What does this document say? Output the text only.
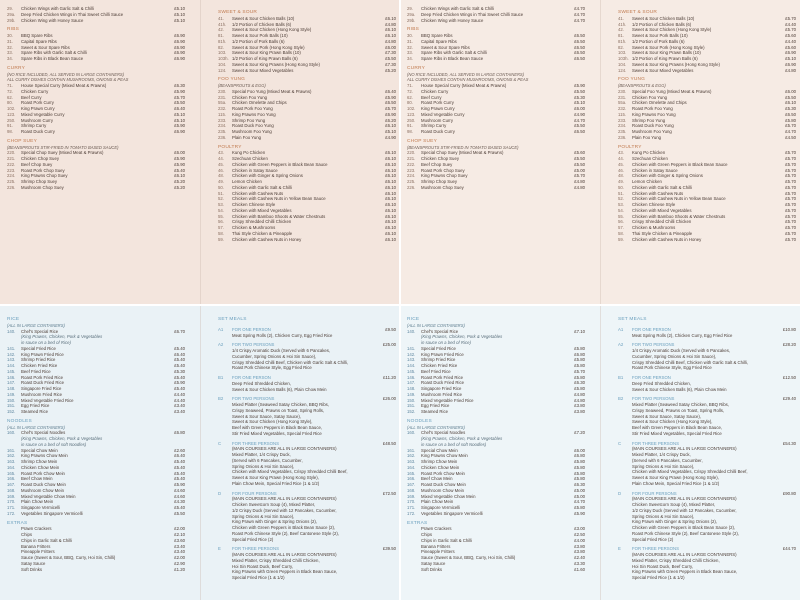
29.	Chicken Wings with Garlic Salt & Chilli	£5.10
29a.	Deep Fried Chicken Wings in Thai Sweet Chilli Sauce	£5.10
29b.	Chicken Wing with Honey Sauce	£5.10
RIBS
30.	BBQ Spare Ribs	£6.90
31.	Capital Spare Ribs	£6.90
32.	Sweet & Sour Spare Ribs	£6.90
33.	Spare Ribs with Garlic Salt & Chilli	£6.90
34.	Spare Ribs in Black Bean Sauce	£6.90
CURRY
(NO RICE INCLUDED, ALL SERVED IN LARGE CONTAINERS)
ALL CURRY DISHES CONTAIN MUSHROOMS, ONIONS & PEAS
71.	House Special Curry (Mixed Meat & Prawns)	£6.30
72.	Chicken Curry	£5.90
62.	Beef Curry	£5.70
80.	Roast Pork Curry	£5.50
102.	King Prawn Curry	£6.40
123.	Mixed Vegetable Curry	£5.10
250.	Mushroom Curry	£5.10
91.	Shrimp Curry	£5.90
98.	Roast Duck Curry	£6.90
CHOP SUEY
(BEANSPROUTS STIR-FRIED IN TOMATO BASED SAUCE)
220.	Special Chop Suey (Mixed Meat & Prawns)	£6.00
221.	Chicken Chop Suey	£5.90
222.	Beef Chop Suey	£5.90
223.	Roast Pork Chop Suey	£5.40
224.	King Prawns Chop Suey	£6.10
225.	Shrimp Chop Suey	£5.20
226.	Mushroom Chop Suey	£5.20
SWEET & SOUR
41.	Sweet & Sour Chicken Balls (10)	£6.10
41h.	1/2 Portion of Chicken Balls (6)	£4.80
42.	Sweet & Sour Chicken (Hong Kong Style)	£6.10
81.	Sweet & Sour Pork Balls (10)	£6.10
81h.	1/2 Portion of Pork Balls (6)	£4.80
82.	Sweet & Sour Pork (Hong Kong Style)	£6.00
103.	Sweet & Sour King Prawn Balls (10)	£7.30
103h. 1/2 Portion of King Prawn Balls (6)	£5.50
104.	Sweet & Sour King Prawns (Hong Kong Style)	£7.30
124.	Sweet & Sour Mixed Vegetables	£5.20
FOO YUNG
(BEANSPROUTS & EGG)
230.	Special Foo Yung (Mixed Meat & Prawns)	£6.40
231.	Chicken Foo Yung	£5.90
55a.	Chicken Omelette and Chips	£6.50
232.	Roast Pork Foo Yung	£5.70
115.	King Prawns Foo Yung	£6.90
233.	Shrimp Foo Yung	£6.20
234.	Roast Duck Foo Yung	£6.10
235.	Mushroom Foo Yung	£5.10
236.	Plain Foo Yung	£4.90
POULTRY
43.	Kung Po Chicken	£6.10
44.	Szechuan Chicken	£6.10
45.	Chicken with Green Peppers in Black Bean Sauce	£6.10
46.	Chicken in Satay Sauce	£6.10
48.	Chicken with Ginger & Spring Onions	£6.10
49.	Lemon Chicken	£6.10
50.	Chicken with Garlic Salt & Chilli	£6.10
51.	Chicken with Cashew Nuts	£6.10
52.	Chicken with Cashew Nuts in Yellow Bean Sauce	£6.10
53.	Chicken Chinese Style	£6.10
54.	Chicken with Mixed Vegetables	£6.10
55.	Chicken with Bamboo Shoots & Water Chestnuts	£6.10
56.	Crispy Shredded Chilli Chicken	£6.10
57.	Chicken & Mushrooms	£6.10
58.	Thai Style Chicken & Pineapple	£6.10
59.	Chicken with Cashew Nuts in Honey	£6.10
RICE
(ALL IN LARGE CONTAINERS)
140.	Chef's Special Rice	£6.70
(King Prawns, Chicken, Pork & Vegetables
in sauce on a bed of Rice)
141.	Special Fried Rice	£5.40
142.	King Prawn Fried Rice	£6.40
143.	Shrimp Fried Rice	£5.40
144.	Chicken Fried Rice	£5.40
145.	Beef Fried Rice	£5.30
146.	Roast Pork Fried Rice	£5.40
147.	Roast Duck Fried Rice	£5.90
148.	Singapore Fried Rice	£5.40
149.	Mushroom Fried Rice	£4.40
150.	Mixed Vegetable Fried Rice	£4.40
151.	Egg Fried Rice	£3.40
152.	Steamed Rice	£3.40
NOODLES
(ALL IN LARGE CONTAINERS)
160.	Chef's Special Noodles	£6.80
(King Prawns, Chicken, Pork & Vegetables
in sauce on a bed of soft Noodles)
161.	Special Chow Mein	£2.60
162.	King Prawns Chow Mein	£6.40
163.	Shrimp Chow Mein	£5.40
164.	Chicken Chow Mein	£5.40
165.	Roast Pork Chow Mein	£5.40
166.	Beef Chow Mein	£5.40
167.	Roast Duck Chow Mein	£5.90
168.	Mushroom Chow Mein	£4.60
169.	Mixed Vegetable Chow Mein	£4.60
170.	Plain Chow Mein	£4.30
171.	Singapore Vermicelli	£5.40
172.	Vegetables Singapore Vermicelli	£5.50
EXTRAS
Prawn Crackers	£2.00
Chips	£2.10
Chips in Garlic Salt & Chilli	£3.60
Banana Fritters	£3.40
Pineapple Fritters	£3.40
Sauce (Sweet & Sour, BBQ, Curry, Hoi Sin, Chilli)	£2.00
Satay Sauce	£2.90
Soft Drinks	£1.20
SET MEALS
A1	FOR ONE PERSON	£9.50
Meat Spring Rolls (2), Chicken Curry, Egg Fried Rice
A2	FOR TWO PERSONS	£25.00
1/4 Crispy Aromatic Duck (Served with 6 Pancakes,
Cucumber, Spring Onions & Hoi Sin Sauce),
Crispy Shredded Chilli Beef, Chicken with Garlic Salt & Chilli,
Roast Pork Chinese Style, Egg Fried Rice
B1	FOR ONE PERSON	£11.20
Deep Fried Shredded Chicken,
Sweet & Sour Chicken Balls (6), Plain Chow Mein
B2	FOR TWO PERSONS	£26.00
Mixed Platter (Seaweed Satay Chicken, BBQ Ribs,
Crispy Seaweed, Prawns on Toast, Spring Rolls,
Sweet & Sour Sauce, Satay Sauce),
Sweet & Sour Chicken (Hong Kong Style),
Beef with Green Peppers in Black Bean Sauce,
Stir Fried Mixed Vegetables, Special Fried Rice
C	FOR THREE PERSONS	£48.50
(MAIN COURSES ARE ALL IN LARGE CONTAINERS)
Mixed Platter, 1/4 Crispy Duck,
(Served with 6 Pancakes, Cucumber,
Spring Onions & Hoi Sin Sauce),
Chicken with Mixed Vegetables, Crispy Shredded Chilli Beef,
Sweet & Sour King Prawn (Hong Kong Style),
Plain Chow Mein, Special Fried Rice (1 & 1/2)
D	FOR FOUR PERSONS	£72.50
(MAIN COURSES ARE ALL IN LARGE CONTAINERS)
Chicken Sweetcorn Soup (4), Mixed Platter,
1/2 Crispy Duck (Served with 12 Pancakes, Cucumber,
Spring Onions & Hoi Sin Sauce),
King Prawn with Ginger & Spring Onions (2),
Chicken with Green Peppers in Black Bean Sauce (2),
Roast Pork Chinese Style (2), Beef Cantonese Style (2),
Special Fried Rice (2)
E	FOR THREE PERSONS	£39.50
(MAIN COURSES ARE ALL IN LARGE CONTAINERS)
Mixed Platter, Crispy Shredded Chilli Chicken,
Hoi Sin Roast Duck, Beef Curry,
King Prawns with Green Peppers in Black Bean Sauce,
Special Fried Rice (1 & 1/2)
29.	Chicken Wings with Garlic Salt & Chilli	£4.70
29a.	Deep Fried Chicken Wings in Thai Sweet Chilli Sauce	£4.70
29b.	Chicken Wing with Honey Sauce	£4.70
RIBS
30.	BBQ Spare Ribs	£6.50
31.	Capital Spare Ribs	£6.50
32.	Sweet & Sour Spare Ribs	£6.50
33.	Spare Ribs with Garlic Salt & Chilli	£6.50
34.	Spare Ribs in Black Bean Sauce	£6.50
CURRY
(NO RICE INCLUDED, ALL SERVED IN LARGE CONTAINERS)
ALL CURRY DISHES CONTAIN MUSHROOMS, ONIONS & PEAS
71.	House Special Curry (Mixed Meat & Prawns)	£5.90
72.	Chicken Curry	£5.50
62.	Beef Curry	£5.30
80.	Roast Pork Curry	£5.10
102.	King Prawn Curry	£6.00
123.	Mixed Vegetable Curry	£4.90
250.	Mushroom Curry	£4.70
91.	Shrimp Curry	£5.50
98.	Roast Duck Curry	£6.50
CHOP SUEY
(BEANSPROUTS STIR-FRIED IN TOMATO BASED SAUCE)
220.	Special Chop Suey (Mixed Meat & Prawns)	£5.60
221.	Chicken Chop Suey	£5.50
222.	Beef Chop Suey	£5.50
223.	Roast Pork Chop Suey	£5.00
224.	King Prawns Chop Suey	£5.70
225.	Shrimp Chop Suey	£4.80
226.	Mushroom Chop Suey	£4.80
SWEET & SOUR
41.	Sweet & Sour Chicken Balls (10)	£5.70
41h.	1/2 Portion of Chicken Balls (6)	£4.40
42.	Sweet & Sour Chicken (Hong Kong Style)	£5.70
81.	Sweet & Sour Pork Balls (10)	£5.60
81h.	1/2 Portion of Pork Balls (6)	£4.40
82.	Sweet & Sour Pork (Hong Kong Style)	£5.60
103.	Sweet & Sour King Prawn Balls (10)	£6.90
103h. 1/2 Portion of King Prawn Balls (6)	£5.10
104.	Sweet & Sour King Prawns (Hong Kong Style)	£6.90
124.	Sweet & Sour Mixed Vegetables	£4.80
FOO YUNG
(BEANSPROUTS & EGG)
230.	Special Foo Yung (Mixed Meat & Prawns)	£6.00
231.	Chicken Foo Yung	£5.50
55a.	Chicken Omelette and Chips	£6.10
232.	Roast Pork Foo Yung	£5.30
115.	King Prawns Foo Yung	£6.50
233.	Shrimp Foo Yung	£5.80
234.	Roast Duck Foo Yung	£5.70
235.	Mushroom Foo Yung	£4.70
236.	Plain Foo Yung	£4.50
POULTRY
43.	Kung Po Chicken	£5.70
44.	Szechuan Chicken	£5.70
45.	Chicken with Green Peppers in Black Bean Sauce	£5.70
46.	Chicken in Satay Sauce	£5.70
48.	Chicken with Ginger & Spring Onions	£5.70
49.	Lemon Chicken	£5.70
50.	Chicken with Garlic Salt & Chilli	£5.70
51.	Chicken with Cashew Nuts	£5.70
52.	Chicken with Cashew Nuts in Yellow Bean Sauce	£5.70
53.	Chicken Chinese Style	£5.70
54.	Chicken with Mixed Vegetables	£5.70
55.	Chicken with Bamboo Shoots & Water Chestnuts	£5.70
56.	Crispy Shredded Chilli Chicken	£5.70
57.	Chicken & Mushrooms	£5.70
58.	Thai Style Chicken & Pineapple	£5.70
59.	Chicken with Cashew Nuts in Honey	£5.70
RICE
(ALL IN LARGE CONTAINERS)
140.	Chef's Special Rice	£7.10
(King Prawns, Chicken, Pork & Vegetables
in sauce on a bed of Rice)
141.	Special Fried Rice	£5.80
142.	King Prawn Fried Rice	£6.80
143.	Shrimp Fried Rice	£5.80
144.	Chicken Fried Rice	£5.80
145.	Beef Fried Rice	£5.70
146.	Roast Pork Fried Rice	£5.80
147.	Roast Duck Fried Rice	£6.30
148.	Singapore Fried Rice	£5.80
149.	Mushroom Fried Rice	£4.80
150.	Mixed Vegetable Fried Rice	£4.80
151.	Egg Fried Rice	£3.80
152.	Steamed Rice	£3.80
NOODLES
(ALL IN LARGE CONTAINERS)
160.	Chef's Special Noodles	£7.20
(King Prawns, Chicken, Pork & Vegetables
in sauce on a bed of soft Noodles)
161.	Special Chow Mein	£6.00
162.	King Prawns Chow Mein	£6.80
163.	Shrimp Chow Mein	£5.80
164.	Chicken Chow Mein	£5.80
165.	Roast Pork Chow Mein	£5.80
166.	Beef Chow Mein	£5.80
167.	Roast Duck Chow Mein	£6.30
168.	Mushroom Chow Mein	£5.00
169.	Mixed Vegetable Chow Mein	£5.00
170.	Plain Chow Mein	£4.70
171.	Singapore Vermicelli	£5.80
172.	Vegetables Singapore Vermicelli	£5.90
EXTRAS
Prawn Crackers	£3.00
Chips	£2.50
Chips in Garlic Salt & Chilli	£4.00
Banana Fritters	£3.80
Pineapple Fritters	£3.80
Sauce (Sweet & Sour, BBQ, Curry, Hoi Sin, Chilli)	£2.40
Satay Sauce	£3.30
Soft Drinks	£1.60
SET MEALS
A1	FOR ONE PERSON	£10.80
Meat Spring Rolls (2), Chicken Curry, Egg Fried Rice
A2	FOR TWO PERSONS	£28.20
1/4 Crispy Aromatic Duck (Served with 6 Pancakes,
Cucumber, Spring Onions & Hoi Sin Sauce),
Crispy Shredded Chilli Beef, Chicken with Garlic Salt & Chilli,
Roast Pork Chinese Style, Egg Fried Rice
B1	FOR ONE PERSON	£12.50
Deep Fried Shredded Chicken,
Sweet & Sour Chicken Balls (6), Plain Chow Mein
B2	FOR TWO PERSONS	£29.40
Mixed Platter (Seaweed Satay Chicken, BBQ Ribs,
Crispy Seaweed, Prawns on Toast, Spring Rolls,
Sweet & Sour Sauce, Satay Sauce),
Sweet & Sour Chicken (Hong Kong Style),
Beef with Green Peppers in Black Bean Sauce,
Stir Fried Mixed Vegetables, Special Fried Rice
C	FOR THREE PERSONS	£54.30
(MAIN COURSES ARE ALL IN LARGE CONTAINERS)
Mixed Platter, 1/4 Crispy Duck,
(Served with 6 Pancakes, Cucumber,
Spring Onions & Hoi Sin Sauce),
Chicken with Mixed Vegetables, Crispy Shredded Chilli Beef,
Sweet & Sour King Prawn (Hong Kong Style),
Plain Chow Mein, Special Fried Rice (1 & 1/2)
D	FOR FOUR PERSONS	£90.80
(MAIN COURSES ARE ALL IN LARGE CONTAINERS)
Chicken Sweetcorn Soup (4), Mixed Platter,
1/2 Crispy Duck (Served with 12 Pancakes, Cucumber,
Spring Onions & Hoi Sin Sauce),
King Prawn with Ginger & Spring Onions (2),
Chicken with Green Peppers in Black Bean Sauce (2),
Roast Pork Chinese Style (2), Beef Cantonese Style (2),
Special Fried Rice (2)
E	FOR THREE PERSONS	£44.70
(MAIN COURSES ARE ALL IN LARGE CONTAINERS)
Mixed Platter, Crispy Shredded Chilli Chicken,
Hoi Sin Roast Duck, Beef Curry,
King Prawns with Green Peppers in Black Bean Sauce,
Special Fried Rice (1 & 1/2)
